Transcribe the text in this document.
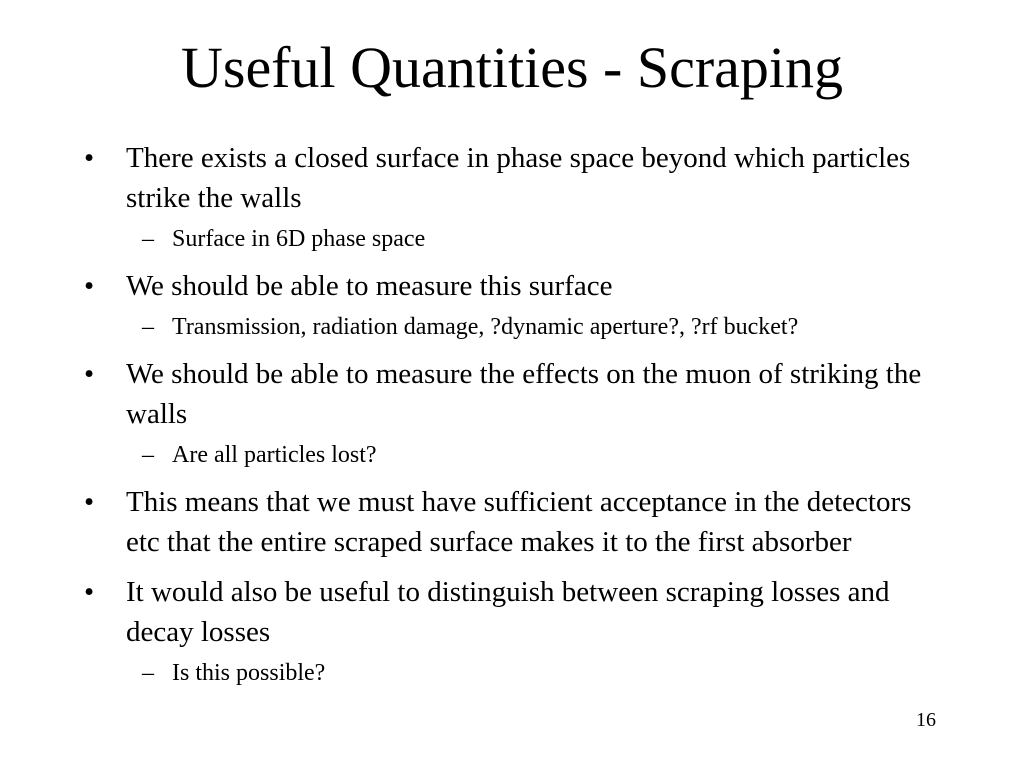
Useful Quantities - Scraping
•	There exists a closed surface in phase space beyond which particles strike the walls
– Surface in 6D phase space
•	We should be able to measure this surface
– Transmission, radiation damage, ?dynamic aperture?, ?rf bucket?
•	We should be able to measure the effects on the muon of striking the walls
– Are all particles lost?
•	This means that we must have sufficient acceptance in the detectors etc that the entire scraped surface makes it to the first absorber
•	It would also be useful to distinguish between scraping losses and decay losses
– Is this possible?
16
